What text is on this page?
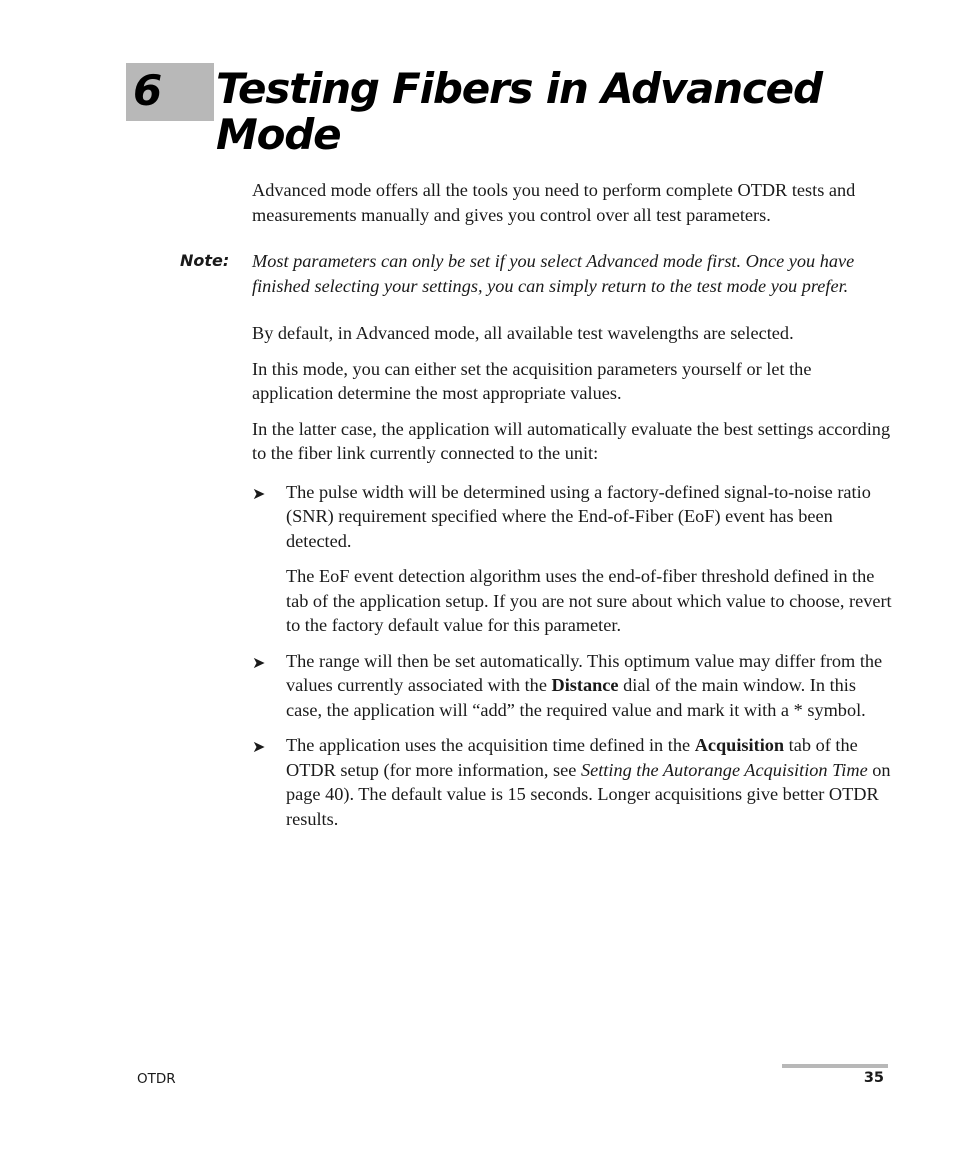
6 Testing Fibers in Advanced Mode

Advanced mode offers all the tools you need to perform complete OTDR tests and measurements manually and gives you control over all test parameters.

Note: Most parameters can only be set if you select Advanced mode first. Once you have finished selecting your settings, you can simply return to the test mode you prefer.

By default, in Advanced mode, all available test wavelengths are selected.

In this mode, you can either set the acquisition parameters yourself or let the application determine the most appropriate values.

In the latter case, the application will automatically evaluate the best settings according to the fiber link currently connected to the unit:

➤ The pulse width will be determined using a factory-defined signal-to-noise ratio (SNR) requirement specified where the End-of-Fiber (EoF) event has been detected.

The EoF event detection algorithm uses the end-of-fiber threshold defined in the tab of the application setup. If you are not sure about which value to choose, revert to the factory default value for this parameter.

➤ The range will then be set automatically. This optimum value may differ from the values currently associated with the Distance dial of the main window. In this case, the application will “add” the required value and mark it with a * symbol.

➤ The application uses the acquisition time defined in the Acquisition tab of the OTDR setup (for more information, see Setting the Autorange Acquisition Time on page 40). The default value is 15 seconds. Longer acquisitions give better OTDR results.

OTDR	35
